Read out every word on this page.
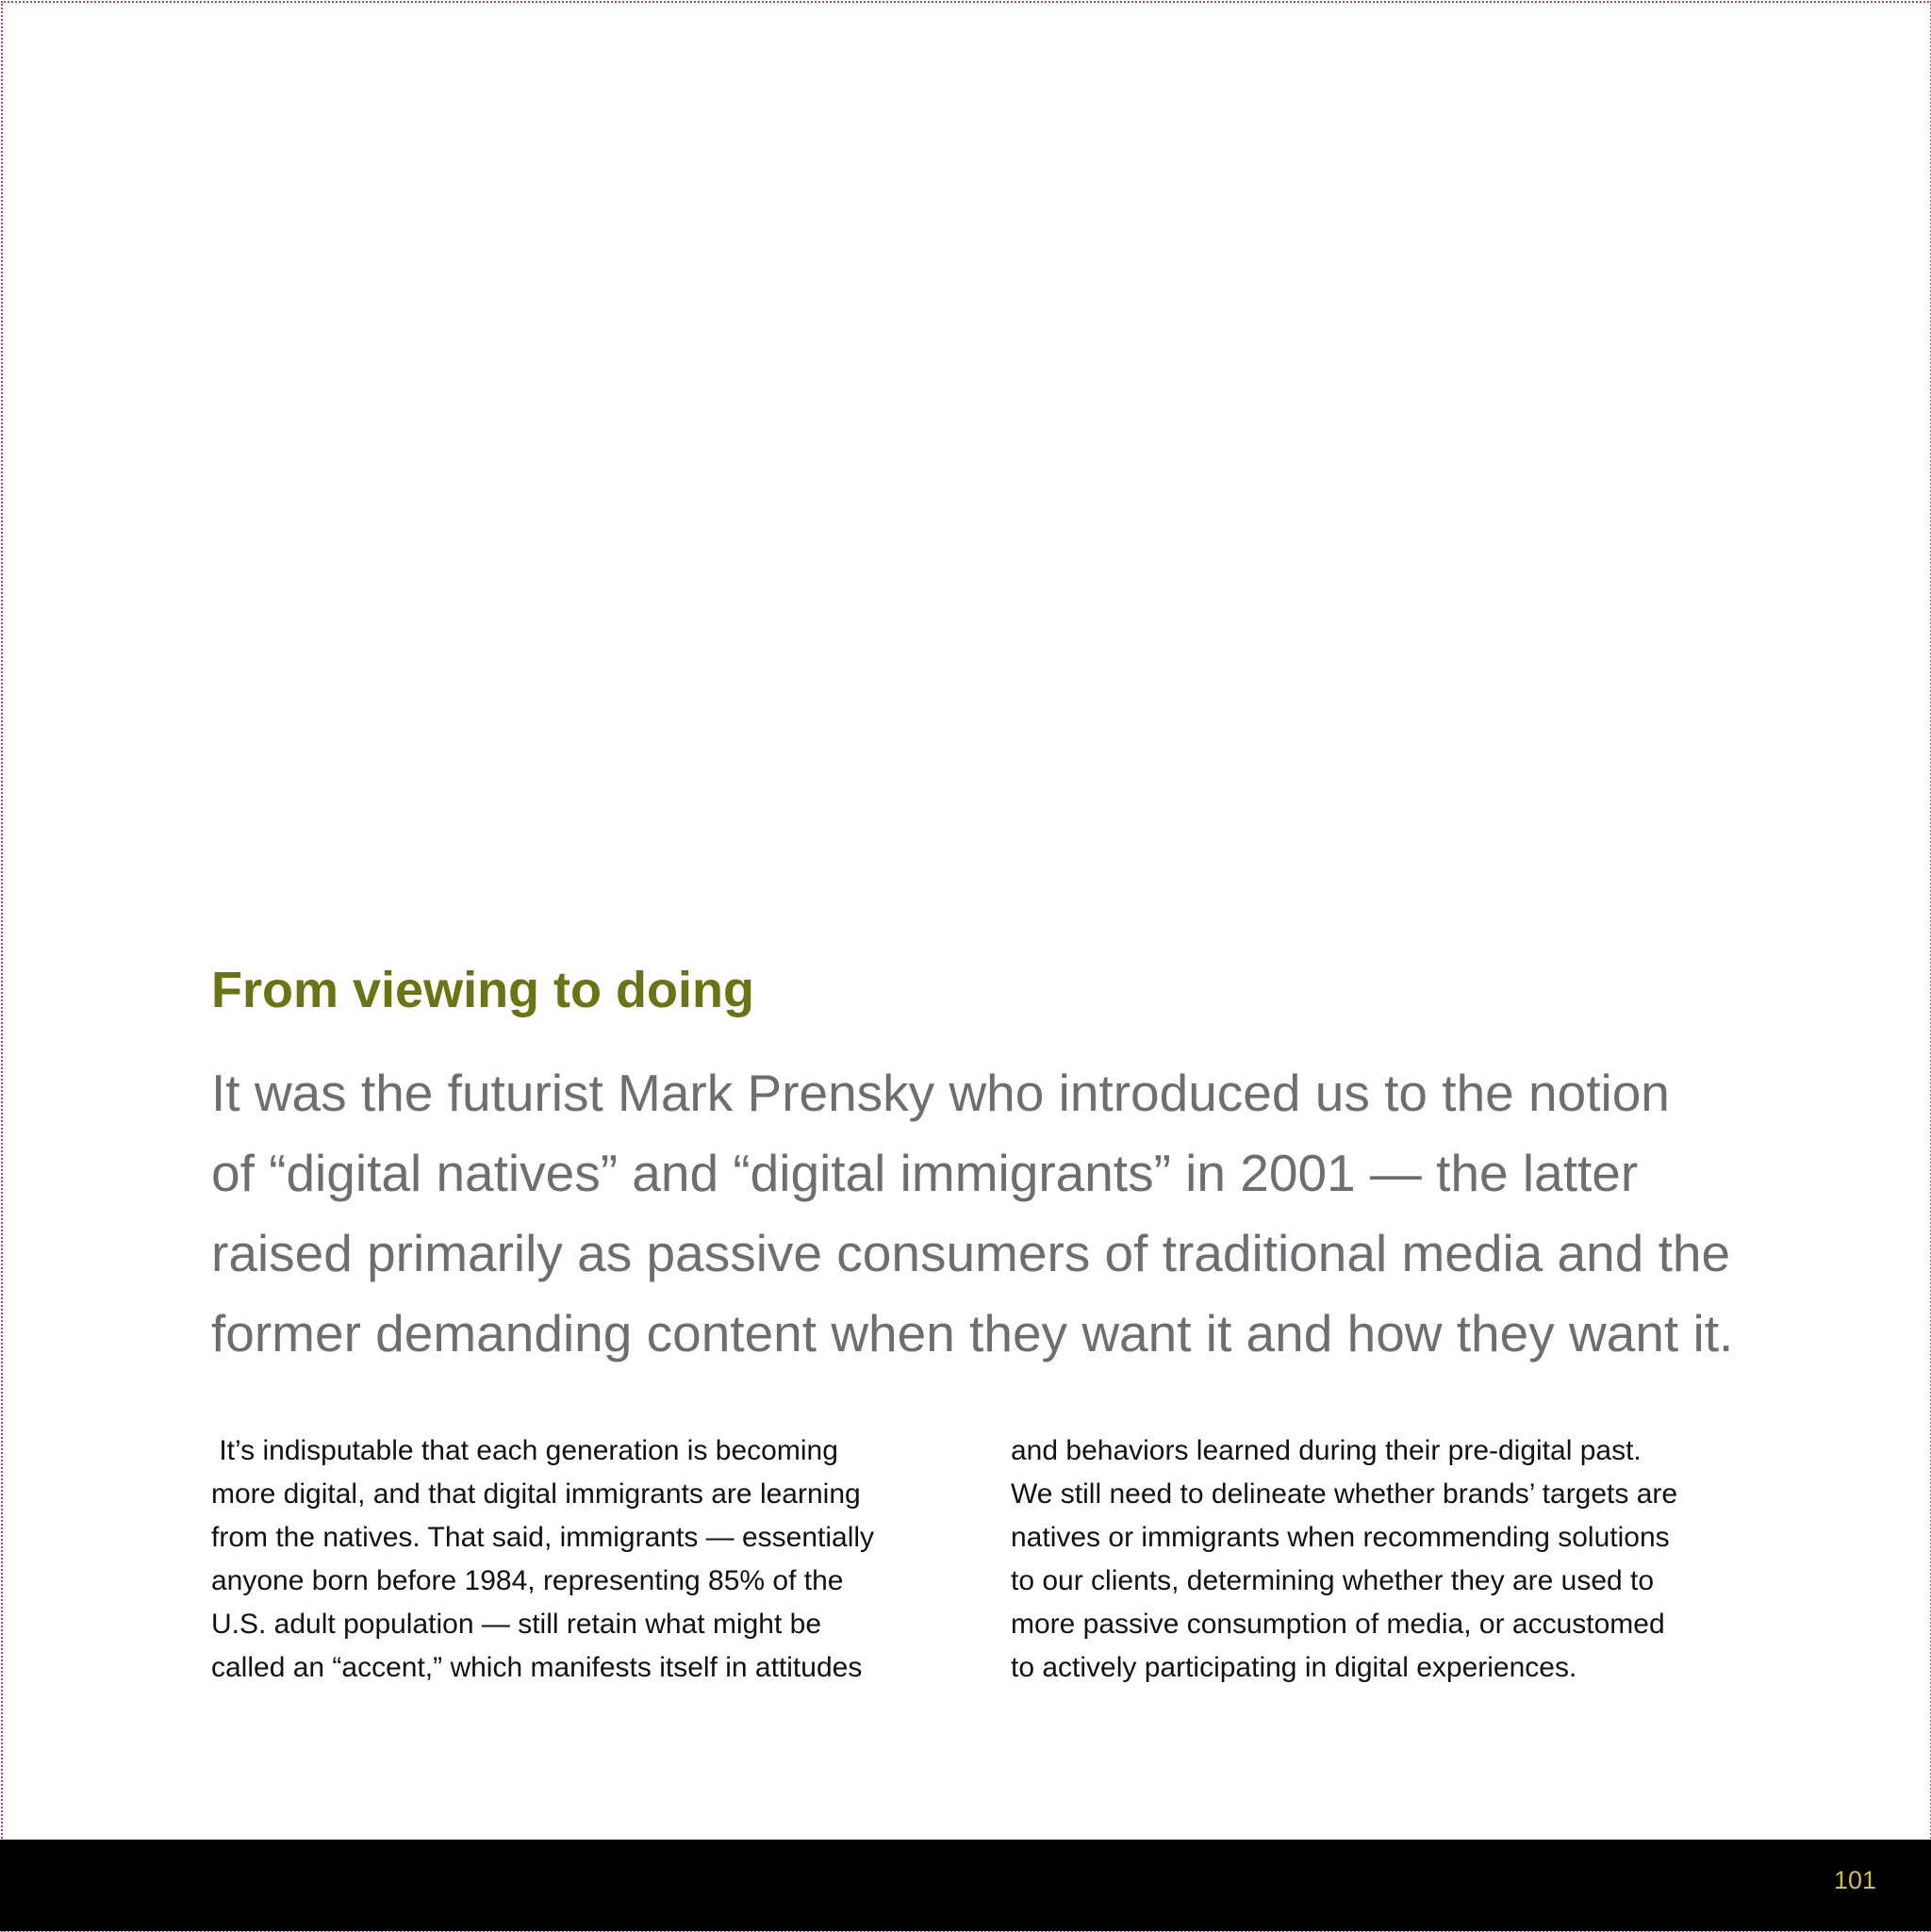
From viewing to doing

It was the futurist Mark Prensky who introduced us to the notion
of “digital natives” and “digital immigrants” in 2001 — the latter
raised primarily as passive consumers of traditional media and the
former demanding content when they want it and how they want it.

It’s indisputable that each generation is becoming
more digital, and that digital immigrants are learning
from the natives. That said, immigrants — essentially
anyone born before 1984, representing 85% of the
U.S. adult population — still retain what might be
called an “accent,” which manifests itself in attitudes

and behaviors learned during their pre-digital past.
We still need to delineate whether brands’ targets are
natives or immigrants when recommending solutions
to our clients, determining whether they are used to
more passive consumption of media, or accustomed
to actively participating in digital experiences.

101
